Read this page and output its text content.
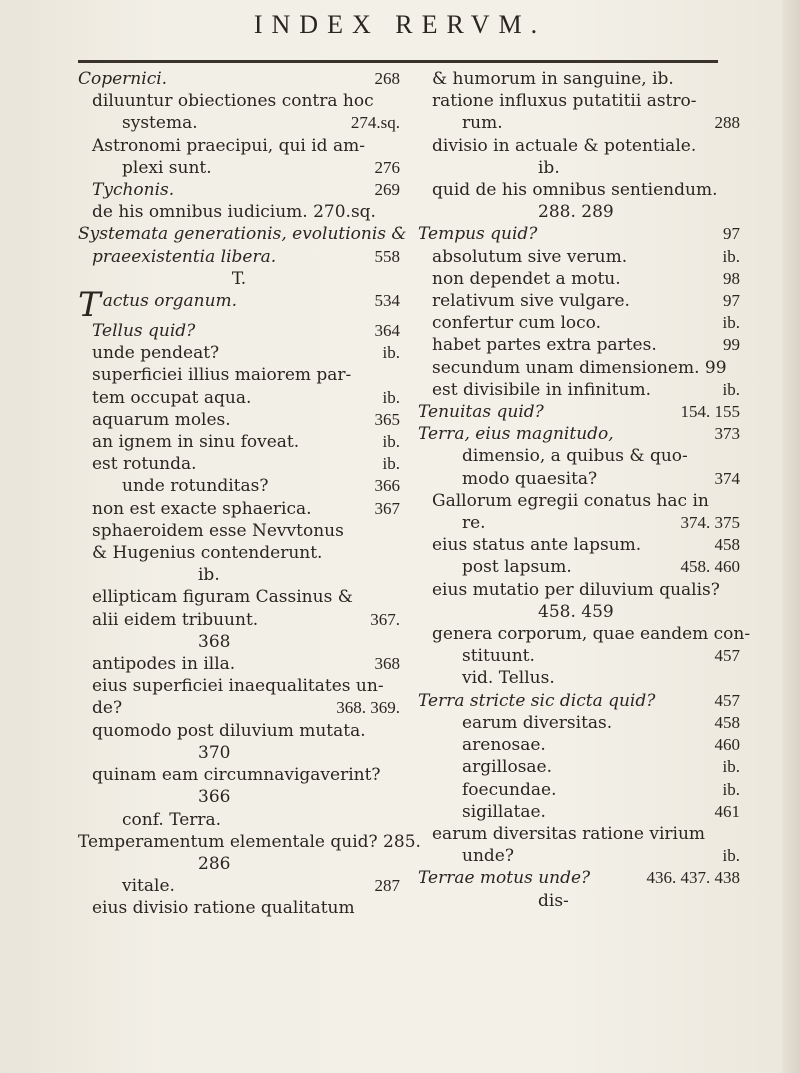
INDEX RERVM.
Copernici.	268
diluuntur obiectiones contra hoc
systema.	274.sq.
Astronomi praecipui, qui id am-
plexi sunt.	276
Tychonis.	269
de his omnibus iudicium. 270.sq.
Systemata generationis, evolutionis &
praeexistentia libera.	558
T.
T actus organum.	534
Tellus quid?	364
unde pendeat?	ib.
superficiei illius maiorem par-
tem occupat aqua.	ib.
aquarum moles.	365
an ignem in sinu foveat.	ib.
est rotunda.	ib.
unde rotunditas?	366
non est exacte sphaerica.	367
sphaeroidem esse Nevvtonus
& Hugenius contenderunt.
ib.
ellipticam figuram Cassinus &
alii eidem tribuunt.	367.
368
antipodes in illa.	368
eius superficiei inaequalitates un-
de?	368. 369.
quomodo post diluvium mutata.
370
quinam eam circumnavigaverint?
366
conf. Terra.
Temperamentum elementale quid? 285.
286
vitale.	287
eius divisio ratione qualitatum
& humorum in sanguine, ib.
ratione influxus putatitii astro-
rum.	288
divisio in actuale & potentiale.
ib.
quid de his omnibus sentiendum.
288. 289
Tempus quid?	97
absolutum sive verum.	ib.
non dependet a motu.	98
relativum sive vulgare.	97
confertur cum loco.	ib.
habet partes extra partes.	99
secundum unam dimensionem. 99
est divisibile in infinitum.	ib.
Tenuitas quid?	154. 155
Terra, eius magnitudo,	373
dimensio, a quibus & quo-
modo quaesita?	374
Gallorum egregii conatus hac in
re.	374. 375
eius status ante lapsum.	458
post lapsum.	458. 460
eius mutatio per diluvium qualis?
458. 459
genera corporum, quae eandem con-
stituunt.	457
vid. Tellus.
Terra stricte sic dicta quid?	457
earum diversitas.	458
arenosae.	460
argillosae.	ib.
foecundae.	ib.
sigillatae.	461
earum diversitas ratione virium
unde?	ib.
Terrae motus unde?	436. 437. 438
dis-
